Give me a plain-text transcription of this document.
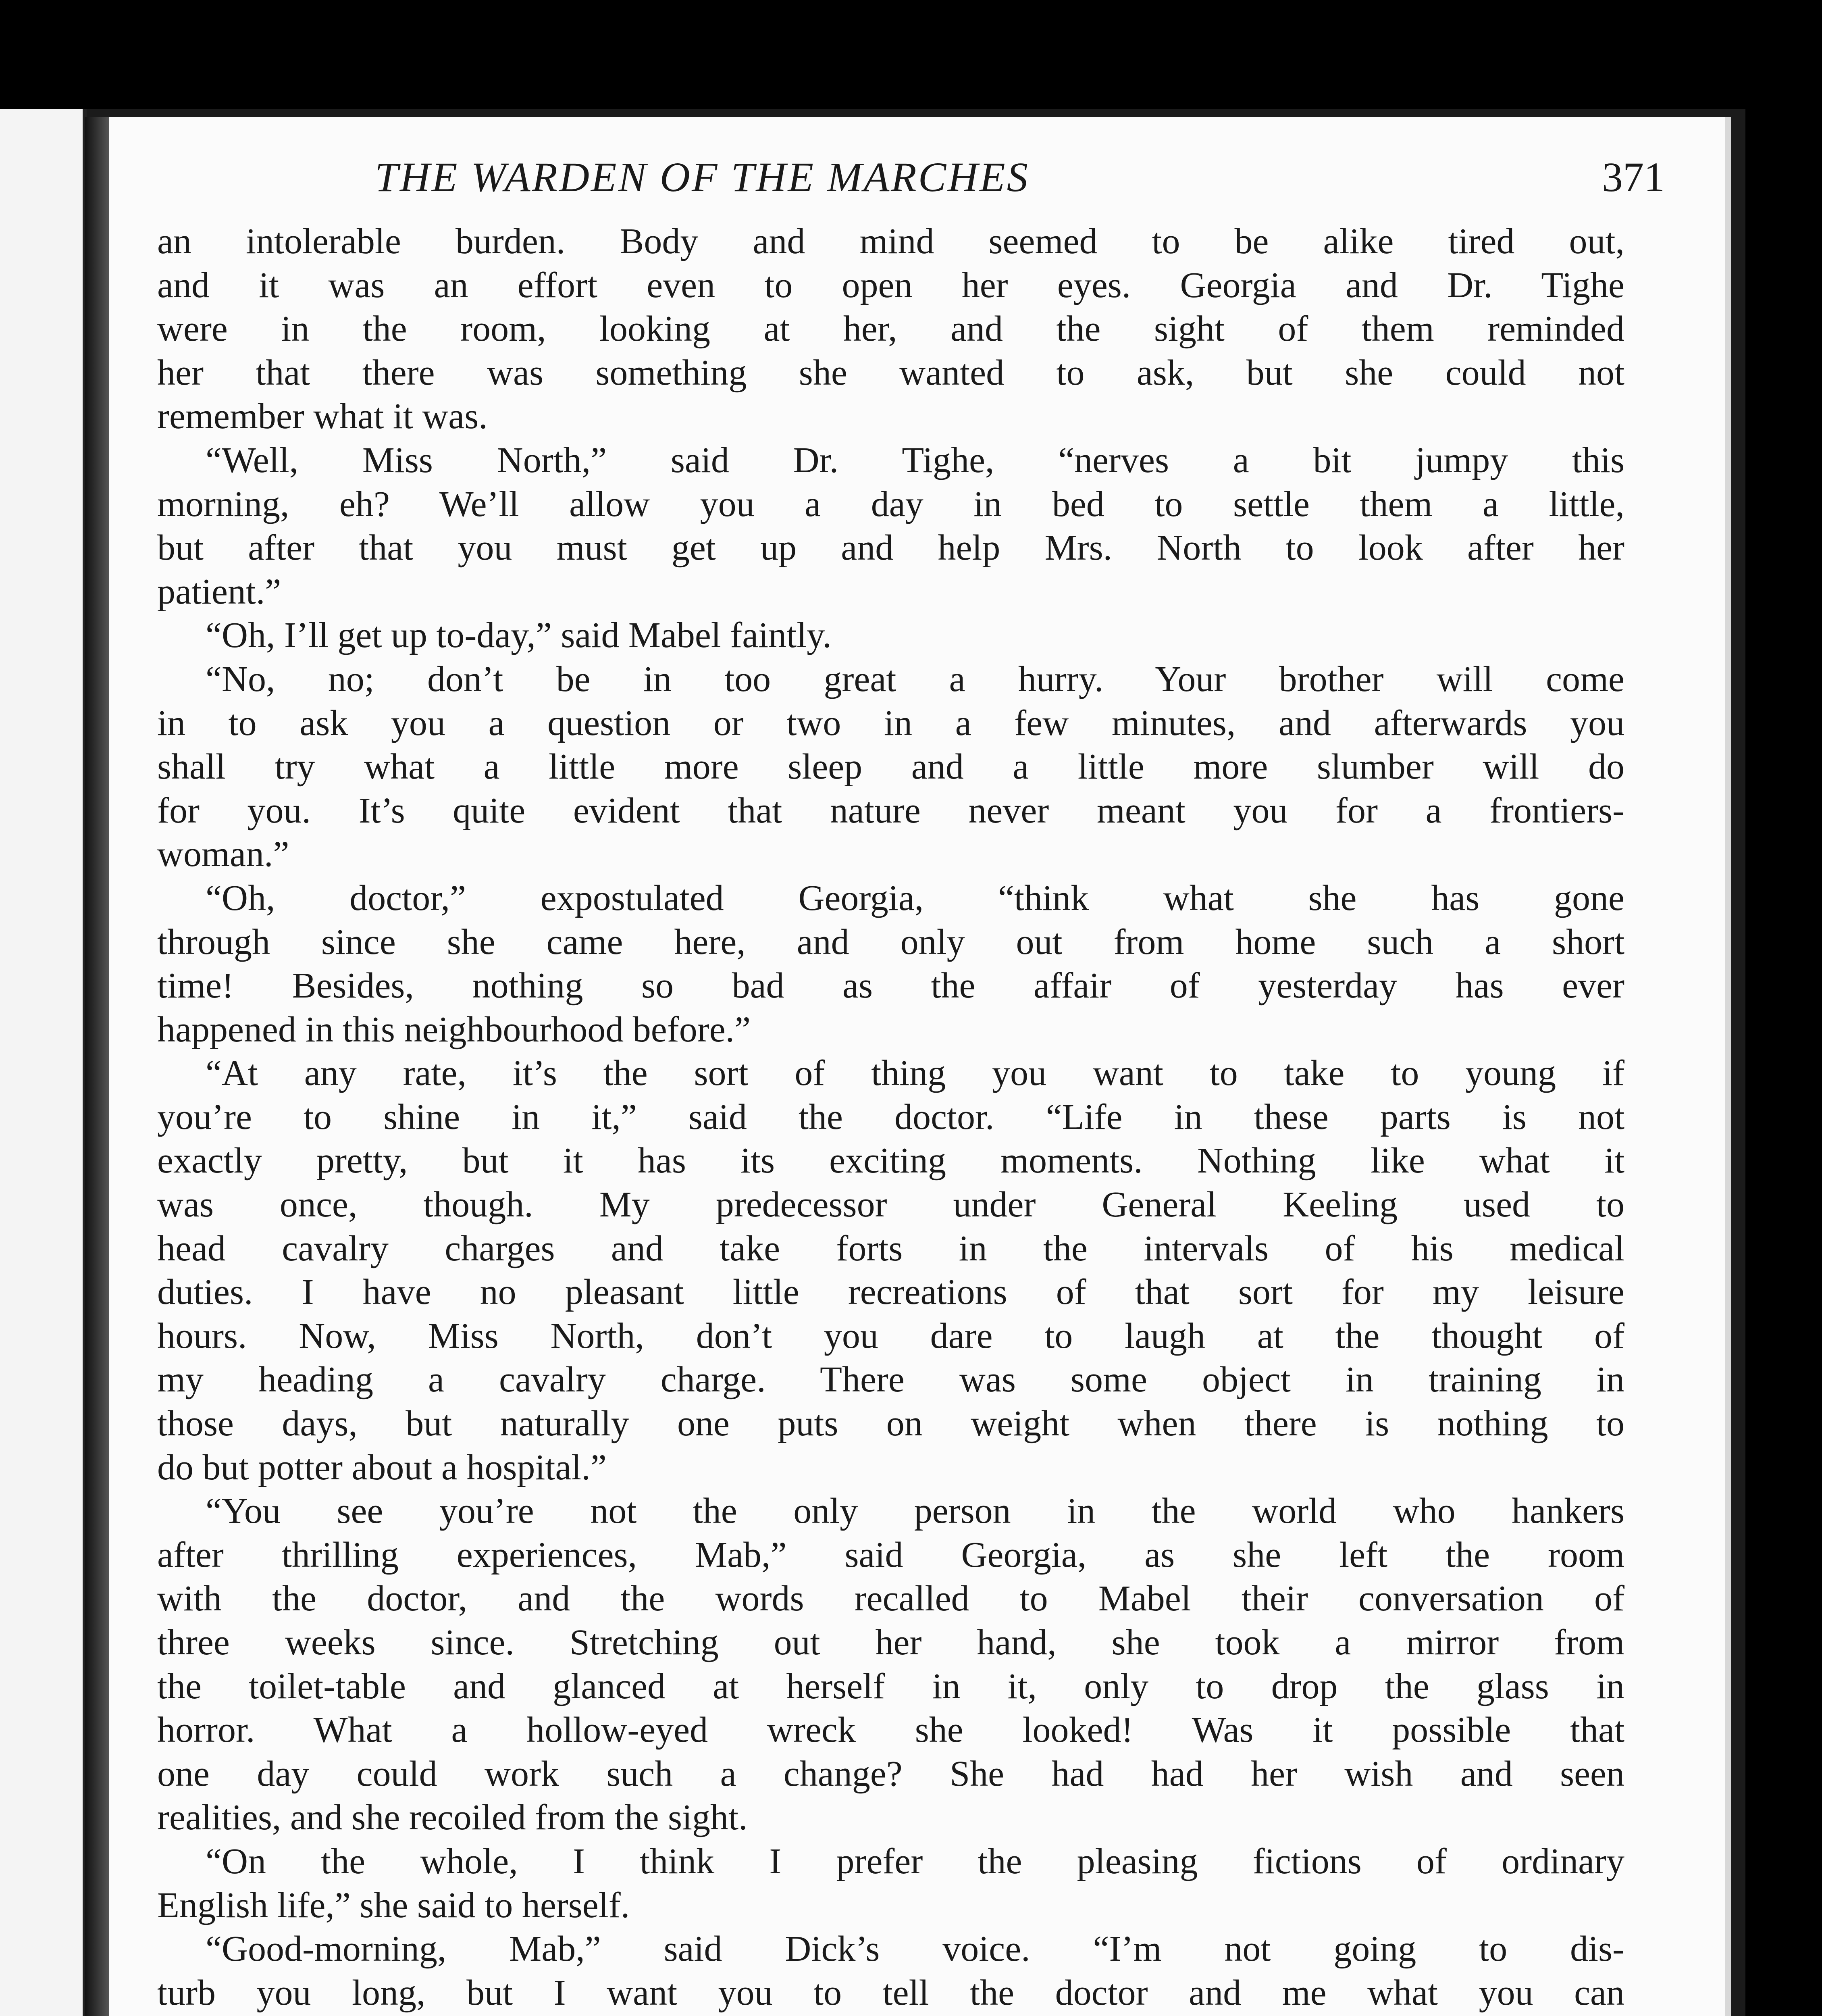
THE WARDEN OF THE MARCHES	371
an intolerable burden. Body and mind seemed to be alike tired out,
and it was an effort even to open her eyes. Georgia and Dr. Tighe
were in the room, looking at her, and the sight of them reminded
her that there was something she wanted to ask, but she could not
remember what it was.
“Well, Miss North,” said Dr. Tighe, “nerves a bit jumpy this
morning, eh? We’ll allow you a day in bed to settle them a little,
but after that you must get up and help Mrs. North to look after her
patient.”
“Oh, I’ll get up to-day,” said Mabel faintly.
“No, no; don’t be in too great a hurry. Your brother will come
in to ask you a question or two in a few minutes, and afterwards you
shall try what a little more sleep and a little more slumber will do
for you. It’s quite evident that nature never meant you for a frontiers-
woman.”
“Oh, doctor,” expostulated Georgia, “think what she has gone
through since she came here, and only out from home such a short
time! Besides, nothing so bad as the affair of yesterday has ever
happened in this neighbourhood before.”
“At any rate, it’s the sort of thing you want to take to young if
you’re to shine in it,” said the doctor. “Life in these parts is not
exactly pretty, but it has its exciting moments. Nothing like what it
was once, though. My predecessor under General Keeling used to
head cavalry charges and take forts in the intervals of his medical
duties. I have no pleasant little recreations of that sort for my leisure
hours. Now, Miss North, don’t you dare to laugh at the thought of
my heading a cavalry charge. There was some object in training in
those days, but naturally one puts on weight when there is nothing to
do but potter about a hospital.”
“You see you’re not the only person in the world who hankers
after thrilling experiences, Mab,” said Georgia, as she left the room
with the doctor, and the words recalled to Mabel their conversation of
three weeks since. Stretching out her hand, she took a mirror from
the toilet-table and glanced at herself in it, only to drop the glass in
horror. What a hollow-eyed wreck she looked! Was it possible that
one day could work such a change? She had had her wish and seen
realities, and she recoiled from the sight.
“On the whole, I think I prefer the pleasing fictions of ordinary
English life,” she said to herself.
“Good-morning, Mab,” said Dick’s voice. “I’m not going to dis-
turb you long, but I want you to tell the doctor and me what you can
